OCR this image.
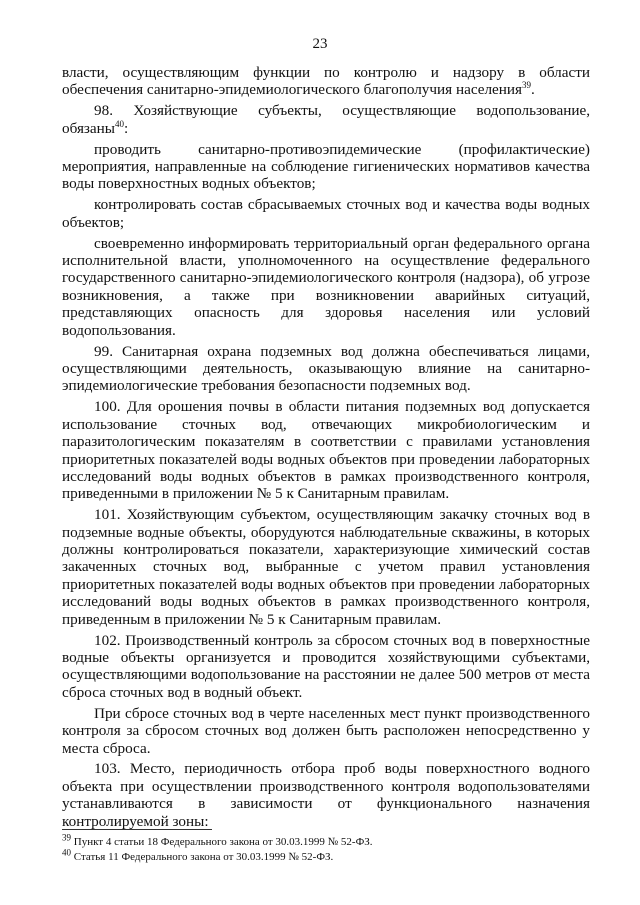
23

власти, осуществляющим функции по контролю и надзору в области обеспечения санитарно-эпидемиологического благополучия населения$^{39}$.

98. Хозяйствующие субъекты, осуществляющие водопользование, обязаны$^{40}$:

проводить санитарно-противоэпидемические (профилактические) мероприятия, направленные на соблюдение гигиенических нормативов качества воды поверхностных водных объектов;

контролировать состав сбрасываемых сточных вод и качества воды водных объектов;

своевременно информировать территориальный орган федерального органа исполнительной власти, уполномоченного на осуществление федерального государственного санитарно-эпидемиологического контроля (надзора), об угрозе возникновения, а также при возникновении аварийных ситуаций, представляющих опасность для здоровья населения или условий водопользования.

99. Санитарная охрана подземных вод должна обеспечиваться лицами, осуществляющими деятельность, оказывающую влияние на санитарно-эпидемиологические требования безопасности подземных вод.

100. Для орошения почвы в области питания подземных вод допускается использование сточных вод, отвечающих микробиологическим и паразитологическим показателям в соответствии с правилами установления приоритетных показателей воды водных объектов при проведении лабораторных исследований воды водных объектов в рамках производственного контроля, приведенными в приложении № 5 к Санитарным правилам.

101. Хозяйствующим субъектом, осуществляющим закачку сточных вод в подземные водные объекты, оборудуются наблюдательные скважины, в которых должны контролироваться показатели, характеризующие химический состав закаченных сточных вод, выбранные с учетом правил установления приоритетных показателей воды водных объектов при проведении лабораторных исследований воды водных объектов в рамках производственного контроля, приведенным в приложении № 5 к Санитарным правилам.

102. Производственный контроль за сбросом сточных вод в поверхностные водные объекты организуется и проводится хозяйствующими субъектами, осуществляющими водопользование на расстоянии не далее 500 метров от места сброса сточных вод в водный объект.

При сбросе сточных вод в черте населенных мест пункт производственного контроля за сбросом сточных вод должен быть расположен непосредственно у места сброса.

103. Место, периодичность отбора проб воды поверхностного водного объекта при осуществлении производственного контроля водопользователями устанавливаются в зависимости от функционального назначения контролируемой зоны:

$^{39}$ Пункт 4 статьи 18 Федерального закона от 30.03.1999 № 52-ФЗ.
$^{40}$ Статья 11 Федерального закона от 30.03.1999 № 52-ФЗ.
